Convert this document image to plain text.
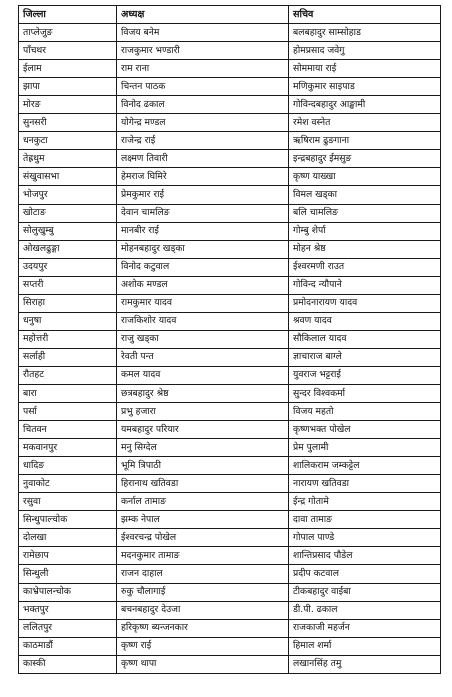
जिल्ला	अध्यक्ष	सचिव
ताप्लेजुङ	विजय बनेम	बलबहादुर साम्सोहाड
पाँचथर	राजकुमार भण्डारी	होमप्रसाद जवेगु
ईलाम	राम राना	सोममाया राई
झापा	चिन्तन पाठक	मणिकुमार साइपाड
मोरङ	विनोद ढकाल	गोविन्दबहादुर आङ्खामी
सुनसरी	योगेन्द्र मण्डल	रमेश वस्नेत
धनकुटा	राजेन्द्र राई	ऋषिराम ढुङगाना
तेह्रथुम	लक्ष्मण तिवारी	इन्द्रबहादुर ईमसुङ
संखुवासभा	हेमराज घिमिरे	कृष्ण याख्खा
भोजपुर	प्रेमकुमार राई	विमल खड्का
खोटाङ	देवान चामलिङ	बलि चामलिङ
सोलुखुम्बु	मानबीर राई	गोम्बु शेर्पा
ओखलढुङ्गा	मोहनबहादुर खड्का	मोहन श्रेष्ठ
उदयपुर	विनोद कटुवाल	ईश्वरमणी राउत
सप्तरी	अशोक मण्डल	गोविन्द न्यौपाने
सिराहा	रामकुमार यादव	प्रमोदनारायण यादव
धनुषा	राजकिशोर यादव	श्रवण यादव
महोत्तरी	राजु खड्का	सौकिलाल यादव
सर्लाही	रेवती पन्त	ज्ञाचाराज बाग्ले
रौतहट	कमल यादव	युवराज भट्टराई
बारा	छत्रबहादुर श्रेष्ठ	सुन्दर विश्वकर्मा
पर्सा	प्रभु हजारा	विजय महतो
चितवन	यमबहादुर परियार	कृष्णभक्त पोखेल
मकवानपुर	मनु सिग्देल	प्रेम पुलामी
धादिङ	भूमि त्रिपाठी	शालिकराम जम्कट्टेल
नुवाकोट	हिरानाथ खतिवडा	नारायण खतिवडा
रसुवा	कर्नाल तामाङ	ईन्द्र गोतामे
सिन्धुपाल्चोक	झम्क नेपाल	दावा तामाङ
दोलखा	ईश्वरचन्द्र पोखेल	गोपाल पाण्डे
रामेछाप	मदनकुमार तामाङ	शान्तिप्रसाद पौडेल
सिन्धुली	राजन दाहाल	प्रदीप कटवाल
काभ्रेपालन्चोक	रुकु चौलागाई	टीकबहादुर वाईबा
भक्तपुर	बचनबहादुर देउजा	डी.पी. ढकाल
ललितपुर	हरिकृष्ण ब्यन्जनकार	राजकाजी महर्जन
काठमाडौं	कृष्ण राई	हिमाल शर्मा
कास्की	कृष्ण थापा	लखानसिंह तमु
